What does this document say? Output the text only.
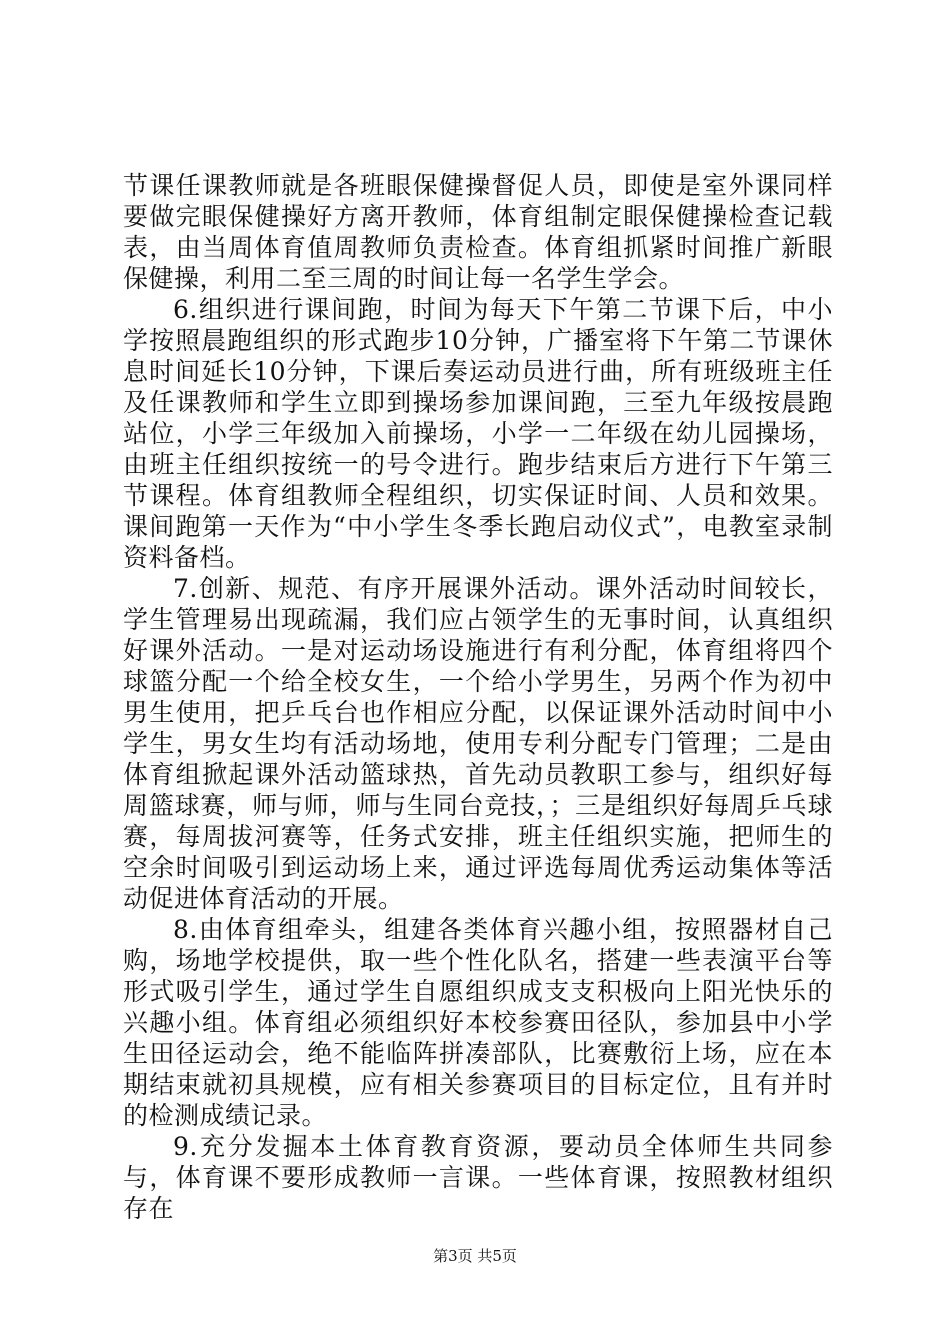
节课任课教师就是各班眼保健操督促人员，即使是室外课同样要做完眼保健操好方离开教师，体育组制定眼保健操检查记载表，由当周体育值周教师负责检查。体育组抓紧时间推广新眼保健操，利用二至三周的时间让每一名学生学会。

6.组织进行课间跑，时间为每天下午第二节课下后，中小学按照晨跑组织的形式跑步10分钟，广播室将下午第二节课休息时间延长10分钟，下课后奏运动员进行曲，所有班级班主任及任课教师和学生立即到操场参加课间跑，三至九年级按晨跑站位，小学三年级加入前操场，小学一二年级在幼儿园操场，由班主任组织按统一的号令进行。跑步结束后方进行下午第三节课程。体育组教师全程组织，切实保证时间、人员和效果。课间跑第一天作为“中小学生冬季长跑启动仪式”，电教室录制资料备档。

7.创新、规范、有序开展课外活动。课外活动时间较长，学生管理易出现疏漏，我们应占领学生的无事时间，认真组织好课外活动。一是对运动场设施进行有利分配，体育组将四个球篮分配一个给全校女生，一个给小学男生，另两个作为初中男生使用，把乒乓台也作相应分配，以保证课外活动时间中小学生，男女生均有活动场地，使用专利分配专门管理；二是由体育组掀起课外活动篮球热，首先动员教职工参与，组织好每周篮球赛，师与师，师与生同台竞技，；三是组织好每周乒乓球赛，每周拔河赛等，任务式安排，班主任组织实施，把师生的空余时间吸引到运动场上来，通过评选每周优秀运动集体等活动促进体育活动的开展。

8.由体育组牵头，组建各类体育兴趣小组，按照器材自己购，场地学校提供，取一些个性化队名，搭建一些表演平台等形式吸引学生，通过学生自愿组织成支支积极向上阳光快乐的兴趣小组。体育组必须组织好本校参赛田径队，参加县中小学生田径运动会，绝不能临阵拼凑部队，比赛敷衍上场，应在本期结束就初具规模，应有相关参赛项目的目标定位，且有并时的检测成绩记录。

9.充分发掘本土体育教育资源，要动员全体师生共同参与，体育课不要形成教师一言课。一些体育课，按照教材组织存在

第3页 共5页
